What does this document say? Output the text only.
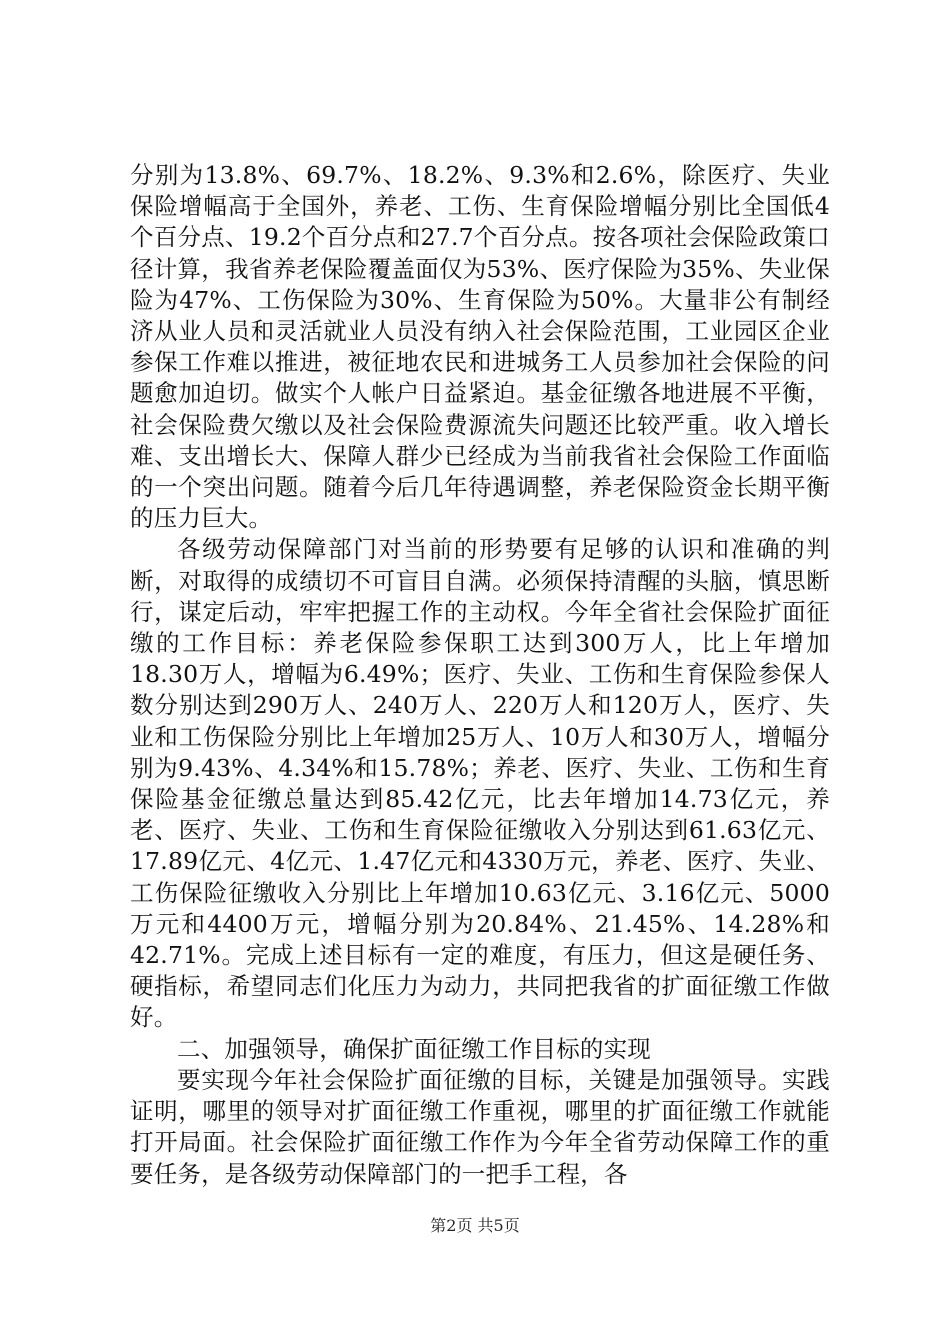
分别为13.8%、69.7%、18.2%、9.3%和2.6%，除医疗、失业保险增幅高于全国外，养老、工伤、生育保险增幅分别比全国低4个百分点、19.2个百分点和27.7个百分点。按各项社会保险政策口径计算，我省养老保险覆盖面仅为53%、医疗保险为35%、失业保险为47%、工伤保险为30%、生育保险为50%。大量非公有制经济从业人员和灵活就业人员没有纳入社会保险范围，工业园区企业参保工作难以推进，被征地农民和进城务工人员参加社会保险的问题愈加迫切。做实个人帐户日益紧迫。基金征缴各地进展不平衡，社会保险费欠缴以及社会保险费源流失问题还比较严重。收入增长难、支出增长大、保障人群少已经成为当前我省社会保险工作面临的一个突出问题。随着今后几年待遇调整，养老保险资金长期平衡的压力巨大。

各级劳动保障部门对当前的形势要有足够的认识和准确的判断，对取得的成绩切不可盲目自满。必须保持清醒的头脑，慎思断行，谋定后动，牢牢把握工作的主动权。今年全省社会保险扩面征缴的工作目标：养老保险参保职工达到300万人，比上年增加18.30万人，增幅为6.49%；医疗、失业、工伤和生育保险参保人数分别达到290万人、240万人、220万人和120万人，医疗、失业和工伤保险分别比上年增加25万人、10万人和30万人，增幅分别为9.43%、4.34%和15.78%；养老、医疗、失业、工伤和生育保险基金征缴总量达到85.42亿元，比去年增加14.73亿元，养老、医疗、失业、工伤和生育保险征缴收入分别达到61.63亿元、17.89亿元、4亿元、1.47亿元和4330万元，养老、医疗、失业、工伤保险征缴收入分别比上年增加10.63亿元、3.16亿元、5000万元和4400万元，增幅分别为20.84%、21.45%、14.28%和42.71%。完成上述目标有一定的难度，有压力，但这是硬任务、硬指标，希望同志们化压力为动力，共同把我省的扩面征缴工作做好。

二、加强领导，确保扩面征缴工作目标的实现

要实现今年社会保险扩面征缴的目标，关键是加强领导。实践证明，哪里的领导对扩面征缴工作重视，哪里的扩面征缴工作就能打开局面。社会保险扩面征缴工作作为今年全省劳动保障工作的重要任务，是各级劳动保障部门的一把手工程，各

第2页 共5页
